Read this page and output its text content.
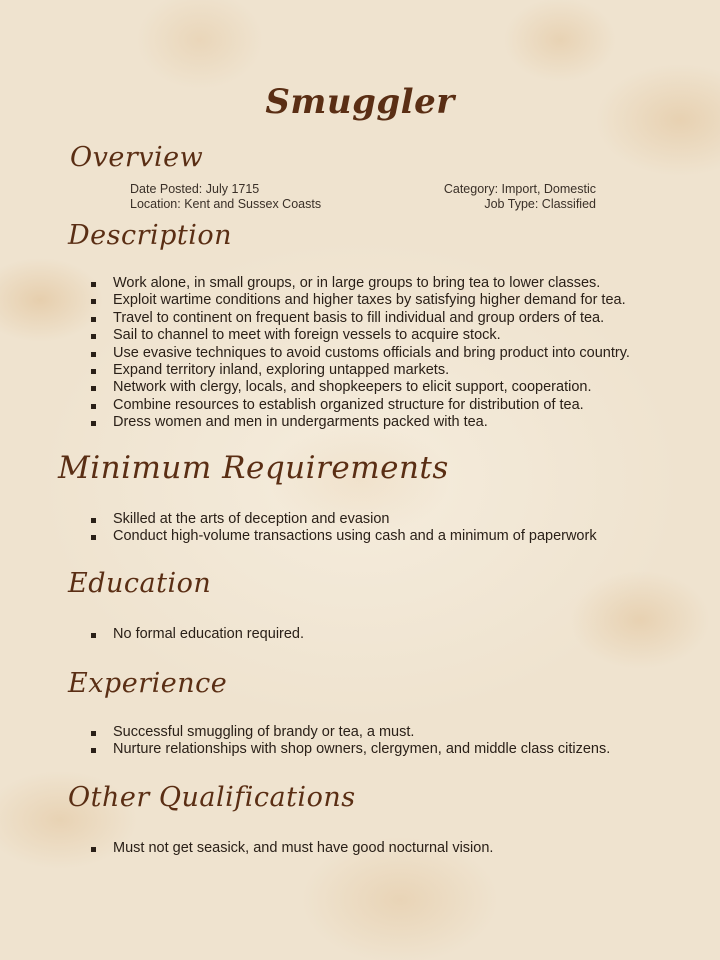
Smuggler
Overview
Date Posted: July 1715
Location: Kent and Sussex Coasts
Category: Import, Domestic
Job Type: Classified
Description
Work alone, in small groups, or in large groups to bring tea to lower classes.
Exploit wartime conditions and higher taxes by satisfying higher demand for tea.
Travel to continent on frequent basis to fill individual and group orders of tea.
Sail to channel to meet with foreign vessels to acquire stock.
Use evasive techniques to avoid customs officials and bring product into country.
Expand territory inland, exploring untapped markets.
Network with clergy, locals, and shopkeepers to elicit support, cooperation.
Combine resources to establish organized structure for distribution of tea.
Dress women and men in undergarments packed with tea.
Minimum Requirements
Skilled at the arts of deception and evasion
Conduct high-volume transactions using cash and a minimum of paperwork
Education
No formal education required.
Experience
Successful smuggling of brandy or tea, a must.
Nurture relationships with shop owners, clergymen, and middle class citizens.
Other Qualifications
Must not get seasick, and must have good nocturnal vision.
